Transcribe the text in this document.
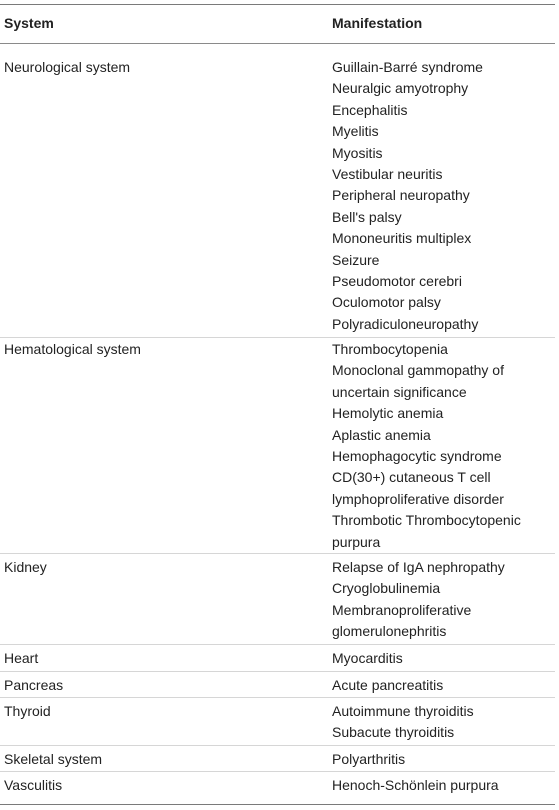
System	Manifestation
Neurological system	Guillain-Barré syndrome
Neuralgic amyotrophy
Encephalitis
Myelitis
Myositis
Vestibular neuritis
Peripheral neuropathy
Bell's palsy
Mononeuritis multiplex
Seizure
Pseudomotor cerebri
Oculomotor palsy
Polyradiculoneuropathy
Hematological system	Thrombocytopenia
Monoclonal gammopathy of
uncertain significance
Hemolytic anemia
Aplastic anemia
Hemophagocytic syndrome
CD(30+) cutaneous T cell
lymphoproliferative disorder
Thrombotic Thrombocytopenic
purpura
Kidney	Relapse of IgA nephropathy
Cryoglobulinemia
Membranoproliferative
glomerulonephritis
Heart	Myocarditis
Pancreas	Acute pancreatitis
Thyroid	Autoimmune thyroiditis
Subacute thyroiditis
Skeletal system	Polyarthritis
Vasculitis	Henoch-Schönlein purpura
